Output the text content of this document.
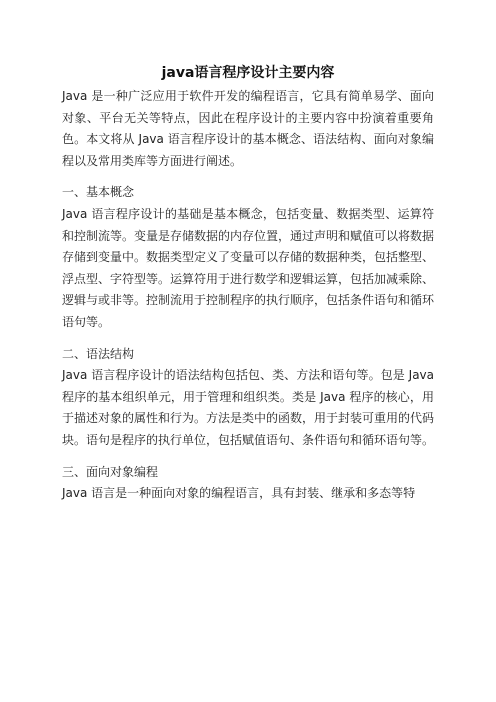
java语言程序设计主要内容

Java 是一种广泛应用于软件开发的编程语言，它具有简单易学、面向对象、平台无关等特点，因此在程序设计的主要内容中扮演着重要角色。本文将从 Java 语言程序设计的基本概念、语法结构、面向对象编程以及常用类库等方面进行阐述。

一、基本概念

Java 语言程序设计的基础是基本概念，包括变量、数据类型、运算符和控制流等。变量是存储数据的内存位置，通过声明和赋值可以将数据存储到变量中。数据类型定义了变量可以存储的数据种类，包括整型、浮点型、字符型等。运算符用于进行数学和逻辑运算，包括加减乘除、逻辑与或非等。控制流用于控制程序的执行顺序，包括条件语句和循环语句等。

二、语法结构

Java 语言程序设计的语法结构包括包、类、方法和语句等。包是 Java 程序的基本组织单元，用于管理和组织类。类是 Java 程序的核心，用于描述对象的属性和行为。方法是类中的函数，用于封装可重用的代码块。语句是程序的执行单位，包括赋值语句、条件语句和循环语句等。

三、面向对象编程

Java 语言是一种面向对象的编程语言，具有封装、继承和多态等特
